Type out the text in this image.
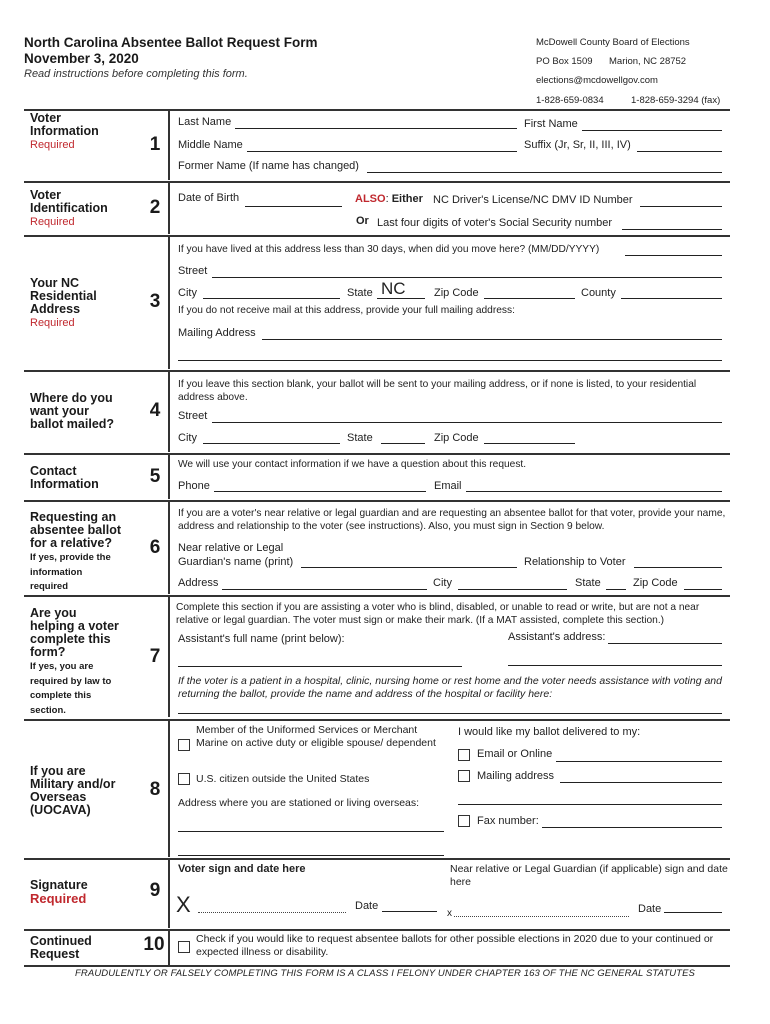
North Carolina Absentee Ballot Request Form
November 3, 2020
Read instructions before completing this form.
McDowell County Board of Elections
PO Box 1509 Marion, NC 28752
elections@mcdowellgov.com
1-828-659-0834	1-828-659-3294 (fax)
Voter
Information
Required	1
Last Name	First Name
Middle Name	Suffix (Jr, Sr, II, III, IV)
Former Name (If name has changed)
Voter
Identification
Required
2	Date of Birth	ALSO: Either NC Driver's License/NC DMV ID Number
Or Last four digits of voter's Social Security number
Your NC
Residential
Address
Required
3
If you have lived at this address less than 30 days, when did you move here? (MM/DD/YYYY)
Street
City	State NC	Zip Code	County
If you do not receive mail at this address, provide your full mailing address:
Mailing Address
Where do you
want your
ballot mailed?
4
If you leave this section blank, your ballot will be sent to your mailing address, or if none is listed, to your residential address above.
Street
City	State	Zip Code
Contact
Information	5
We will use your contact information if we have a question about this request.
Phone	Email
Requesting an
absentee ballot
for a relative?
If yes, provide the
information
required
6
If you are a voter's near relative or legal guardian and are requesting an absentee ballot for that voter, provide your name, address and relationship to the voter (see instructions). Also, you must sign in Section 9 below.
Near relative or Legal
Guardian's name (print)	Relationship to Voter
Address	City	State	Zip Code
Are you
helping a voter
complete this
form?
If yes, you are
required by law to
complete this
section.
7
Complete this section if you are assisting a voter who is blind, disabled, or unable to read or write, but are not a near relative or legal guardian. The voter must sign or make their mark. (If a MAT assisted, complete this section.)
Assistant's full name (print below):	Assistant's address:
If the voter is a patient in a hospital, clinic, nursing home or rest home and the voter needs assistance with voting and returning the ballot, provide the name and address of the hospital or facility here:
If you are
Military and/or
Overseas
(UOCAVA)
8
Member of the Uniformed Services or Merchant Marine on active duty or eligible spouse/ dependent
U.S. citizen outside the United States
Address where you are stationed or living overseas:
I would like my ballot delivered to my:
Email or Online
Mailing address
Fax number:
Signature
Required	9
Voter sign and date here
X	Date
Near relative or Legal Guardian (if applicable) sign and date here
x	Date
Continued
Request	10	Check if you would like to request absentee ballots for other possible elections in 2020 due to your continued or expected illness or disability.
FRAUDULENTLY OR FALSELY COMPLETING THIS FORM IS A CLASS I FELONY UNDER CHAPTER 163 OF THE NC GENERAL STATUTES
